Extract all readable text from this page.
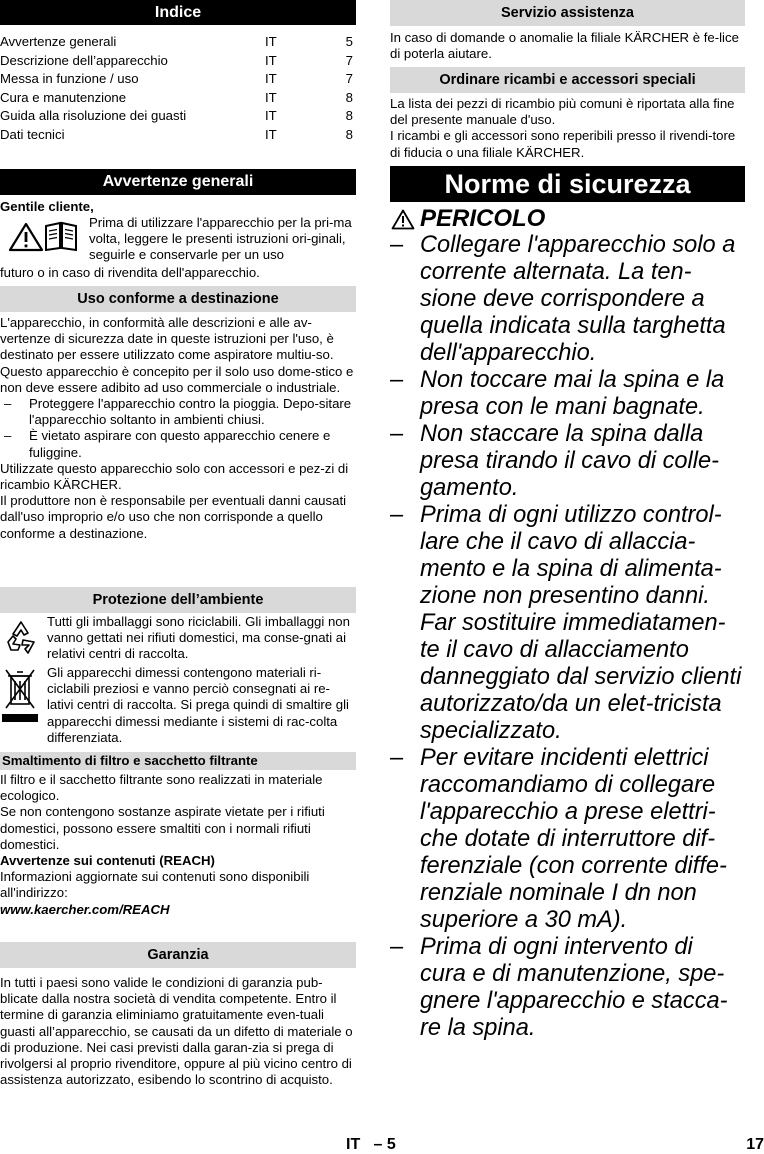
Indice
Avvertenze generali	IT	5
Descrizione dell’apparecchio	IT	7
Messa in funzione / uso	IT	7
Cura e manutenzione	IT	8
Guida alla risoluzione dei guasti	IT	8
Dati tecnici	IT	8
Avvertenze generali
Gentile cliente,
Prima di utilizzare l'apparecchio per la pri-ma volta, leggere le presenti istruzioni ori-ginali, seguirle e conservarle per un uso
futuro o in caso di rivendita dell'apparecchio.
Uso conforme a destinazione
L'apparecchio, in conformità alle descrizioni e alle av-vertenze di sicurezza date in queste istruzioni per l'uso, è destinato per essere utilizzato come aspiratore multiu-so.
Questo apparecchio è concepito per il solo uso dome-stico e non deve essere adibito ad uso commerciale o industriale.
– Proteggere l'apparecchio contro la pioggia. Depo-sitare l'apparecchio soltanto in ambienti chiusi.
– È vietato aspirare con questo apparecchio cenere e fuliggine.
Utilizzate questo apparecchio solo con accessori e pez-zi di ricambio KÄRCHER.
Il produttore non è responsabile per eventuali danni causati dall'uso improprio e/o uso che non corrisponde a quello conforme a destinazione.
Protezione dell’ambiente
Tutti gli imballaggi sono riciclabili. Gli imballaggi non vanno gettati nei rifiuti domestici, ma conse-gnati ai relativi centri di raccolta.
Gli apparecchi dimessi contengono materiali ri-ciclabili preziosi e vanno perciò consegnati ai re-lativi centri di raccolta. Si prega quindi di smaltire gli apparecchi dimessi mediante i sistemi di rac-colta differenziata.
Smaltimento di filtro e sacchetto filtrante
Il filtro e il sacchetto filtrante sono realizzati in materiale ecologico.
Se non contengono sostanze aspirate vietate per i rifiuti domestici, possono essere smaltiti con i normali rifiuti domestici.
Avvertenze sui contenuti (REACH)
Informazioni aggiornate sui contenuti sono disponibili all'indirizzo:
www.kaercher.com/REACH
Garanzia
In tutti i paesi sono valide le condizioni di garanzia pub-blicate dalla nostra società di vendita competente. Entro il termine di garanzia eliminiamo gratuitamente even-tuali guasti all’apparecchio, se causati da un difetto di materiale o di produzione. Nei casi previsti dalla garan-zia si prega di rivolgersi al proprio rivenditore, oppure al più vicino centro di assistenza autorizzato, esibendo lo scontrino di acquisto.
Servizio assistenza
In caso di domande o anomalie la filiale KÄRCHER è fe-lice di poterla aiutare.
Ordinare ricambi e accessori speciali
La lista dei pezzi di ricambio più comuni è riportata alla fine del presente manuale d'uso.
I ricambi e gli accessori sono reperibili presso il rivendi-tore di fiducia o una filiale KÄRCHER.
Norme di sicurezza
PERICOLO
– Collegare l'apparecchio solo a corrente alternata. La ten-sione deve corrispondere a quella indicata sulla targhetta dell'apparecchio.
– Non toccare mai la spina e la presa con le mani bagnate.
– Non staccare la spina dalla presa tirando il cavo di colle-gamento.
– Prima di ogni utilizzo control-lare che il cavo di allaccia-mento e la spina di alimenta-zione non presentino danni. Far sostituire immediatamen-te il cavo di allacciamento danneggiato dal servizio clienti autorizzato/da un elet-tricista specializzato.
– Per evitare incidenti elettrici raccomandiamo di collegare l'apparecchio a prese elettri-che dotate di interruttore dif-ferenziale (con corrente diffe-renziale nominale I dn non superiore a 30 mA).
– Prima di ogni intervento di cura e di manutenzione, spe-gnere l'apparecchio e stacca-re la spina.
IT   – 5	17
